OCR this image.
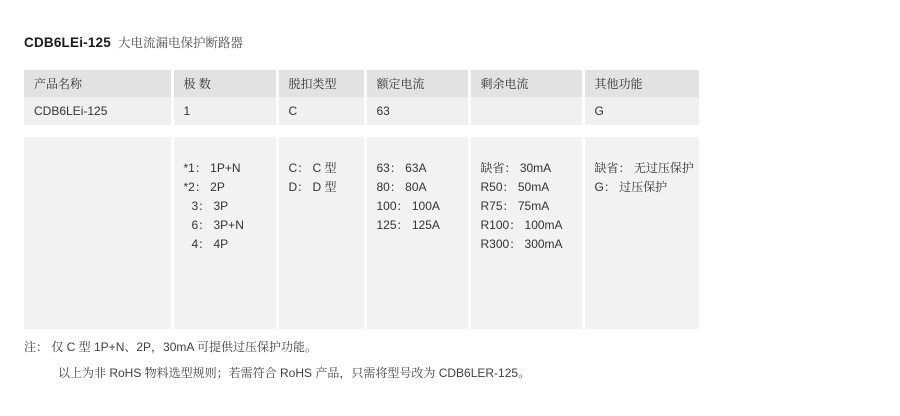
CDB6LEi-125 大电流漏电保护断路器
产品名称	极 数	脱扣类型	额定电流	剩余电流	其他功能
CDB6LEi-125	1	C	63		G

*1： 1P+N
*2： 2P
3： 3P
6： 3P+N
4： 4P

C： C 型
D： D 型

63： 63A
80： 80A
100： 100A
125： 125A

缺省： 30mA
R50： 50mA
R75： 75mA
R100： 100mA
R300： 300mA

缺省： 无过压保护
G： 过压保护
注： 仅 C 型 1P+N、2P，30mA 可提供过压保护功能。
以上为非 RoHS 物料选型规则；若需符合 RoHS 产品，只需将型号改为 CDB6LER-125。
